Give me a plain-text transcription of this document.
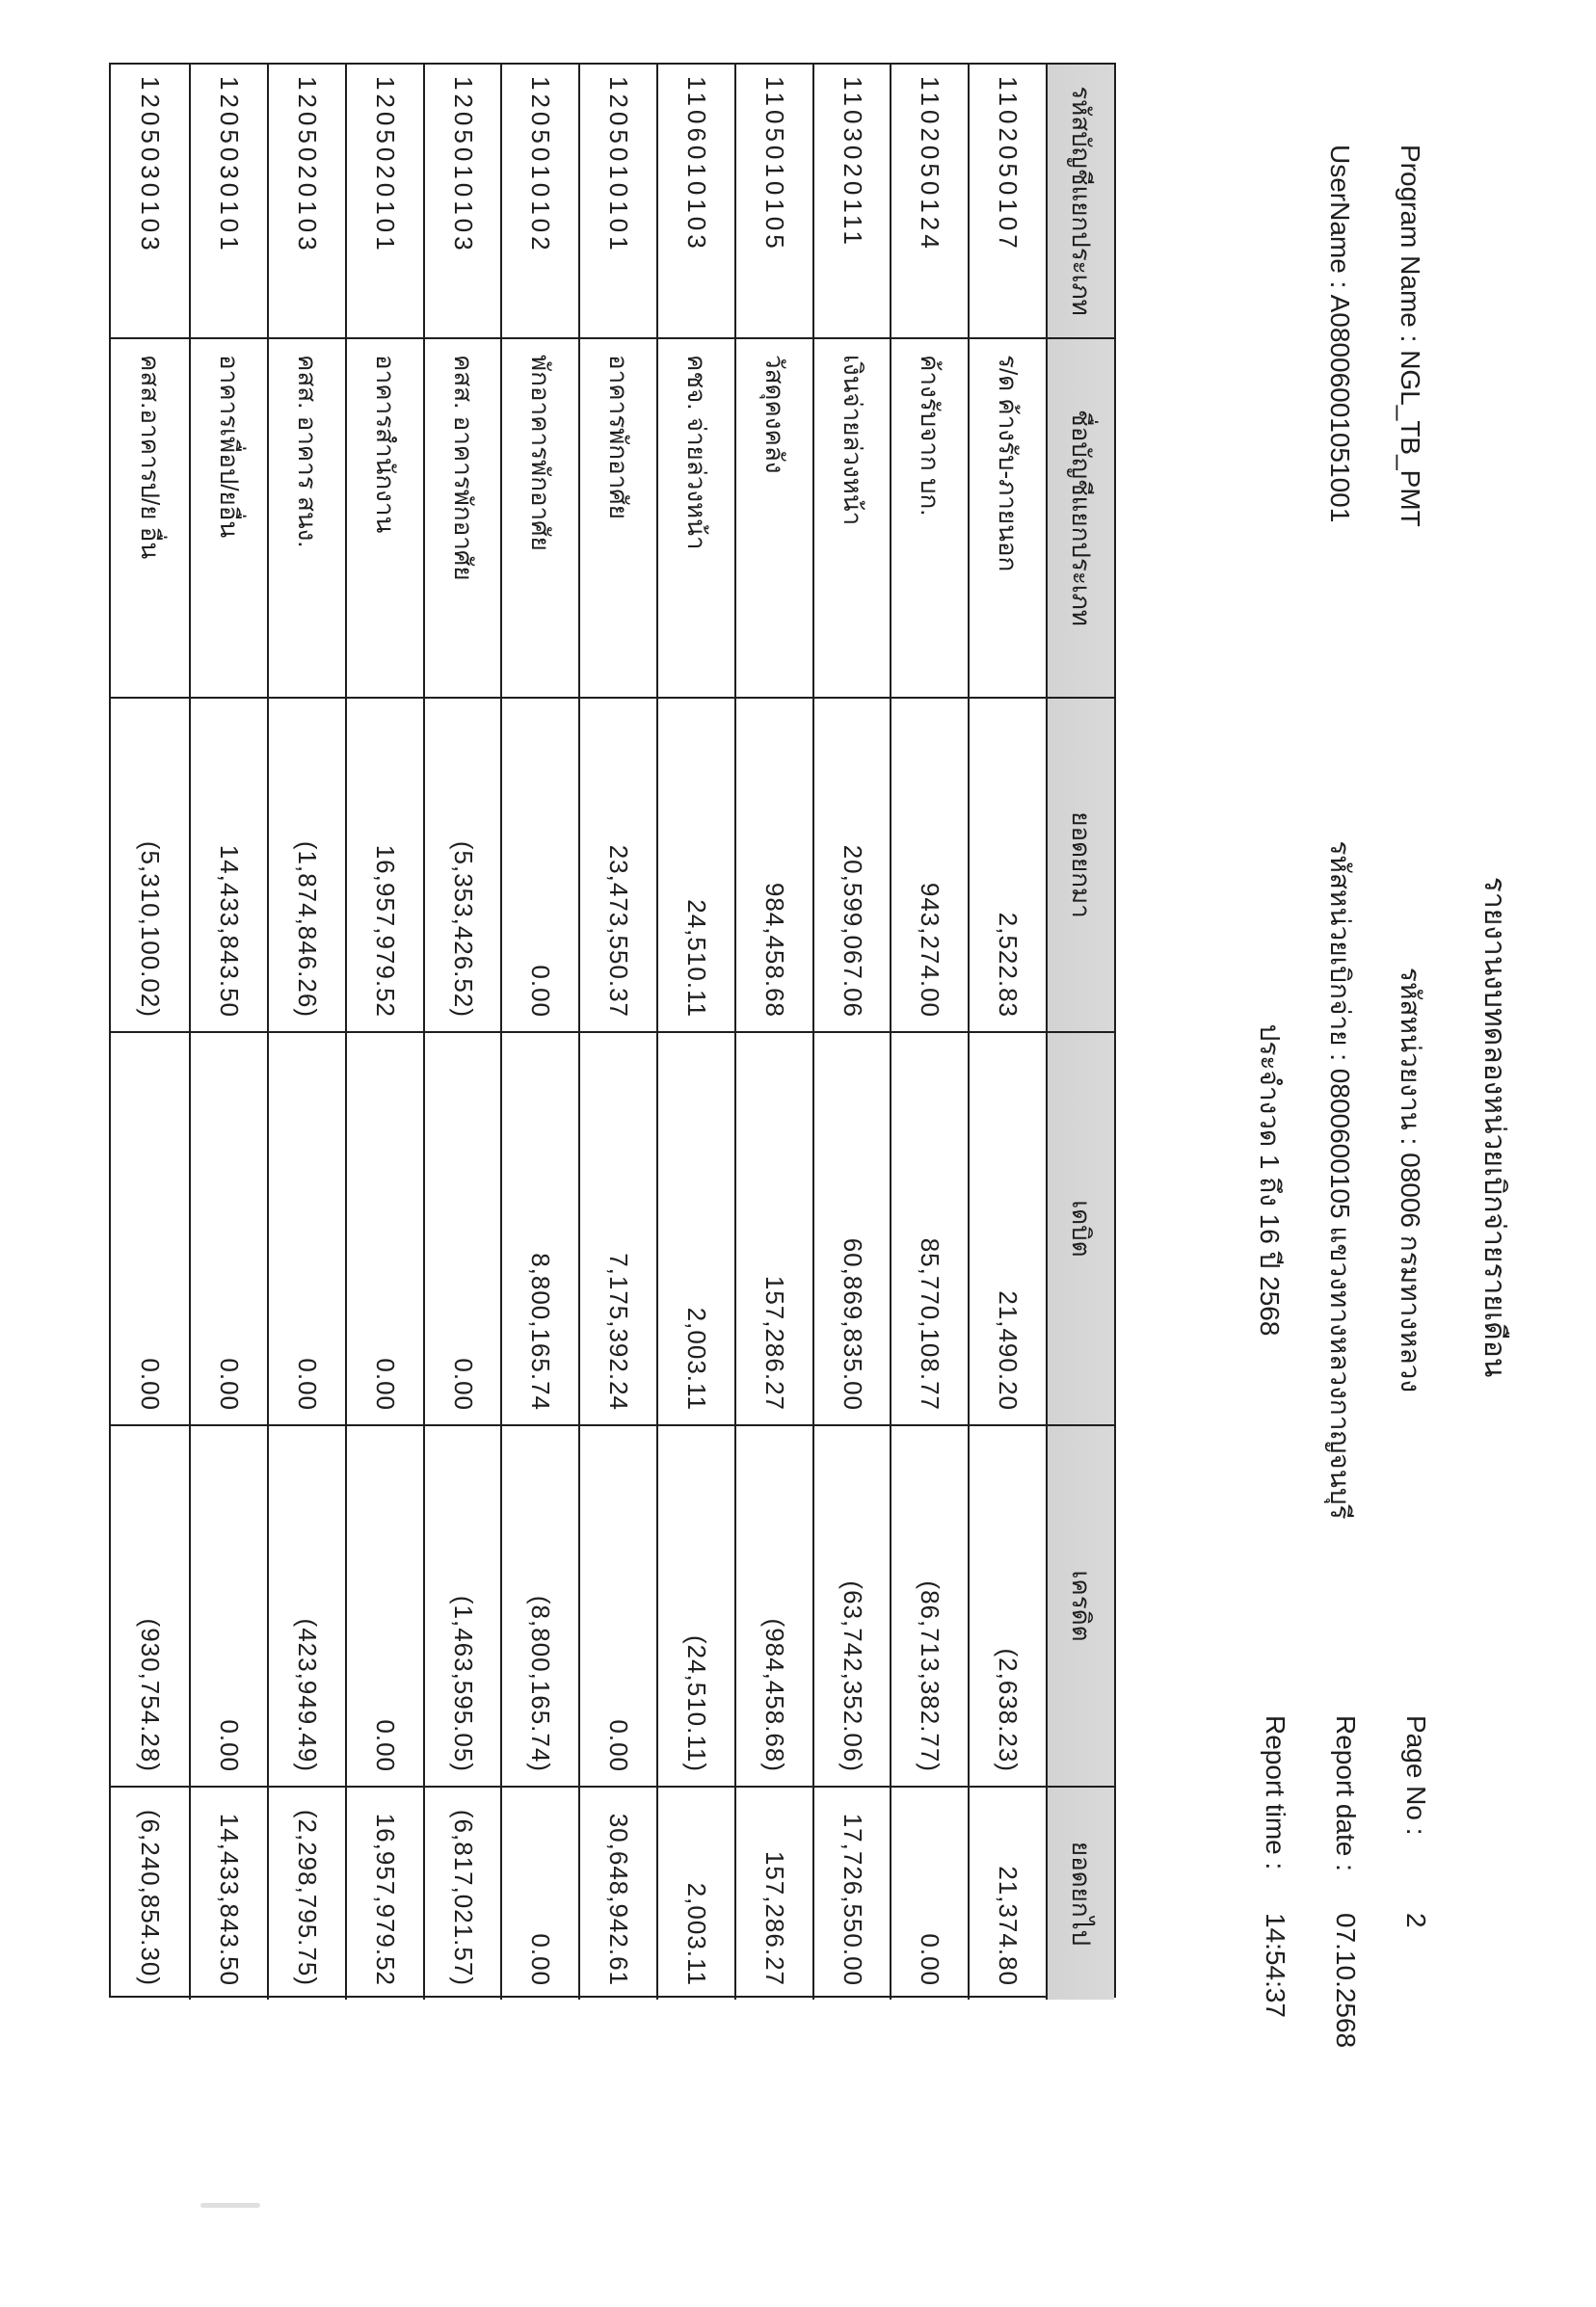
รายงานงบทดลองหน่วยเบิกจ่ายรายเดือน
Program Name : NGL_TB_PMT
รหัสหน่วยงาน : 08006 กรมทางหลวง
Page No :
2
UserName : A08006001051001
รหัสหน่วยเบิกจ่าย : 0800600105 แขวงทางหลวงกาญจนบุรี
Report date :
07.10.2568
ประจำงวด 1 ถึง 16 ปี 2568
Report time :
14:54:37
รหัสบัญชีแยกประเภท
ชื่อบัญชีแยกประเภท
ยอดยกมา
เดบิต
เครดิต
ยอดยกไป
1102050107
ร/ด ค้างรับ-ภายนอก
2,522.83
21,490.20
(2,638.23)
21,374.80
1102050124
ค้างรับจาก บก.
943,274.00
85,770,108.77
(86,713,382.77)
0.00
1103020111
เงินจ่ายล่วงหน้า
20,599,067.06
60,869,835.00
(63,742,352.06)
17,726,550.00
1105010105
วัสดุคงคลัง
984,458.68
157,286.27
(984,458.68)
157,286.27
1106010103
คชจ. จ่ายล่วงหน้า
24,510.11
2,003.11
(24,510.11)
2,003.11
1205010101
อาคารพักอาศัย
23,473,550.37
7,175,392.24
0.00
30,648,942.61
1205010102
พักอาคารพักอาศัย
0.00
8,800,165.74
(8,800,165.74)
0.00
1205010103
คสส. อาคารพักอาศัย
(5,353,426.52)
0.00
(1,463,595.05)
(6,817,021.57)
1205020101
อาคารสำนักงาน
16,957,979.52
0.00
0.00
16,957,979.52
1205020103
คสส. อาคาร สนง.
(1,874,846.26)
0.00
(423,949.49)
(2,298,795.75)
1205030101
อาคารเพื่อป/ยอื่น
14,433,843.50
0.00
0.00
14,433,843.50
1205030103
คสส.อาคารป/ย อื่น
(5,310,100.02)
0.00
(930,754.28)
(6,240,854.30)
